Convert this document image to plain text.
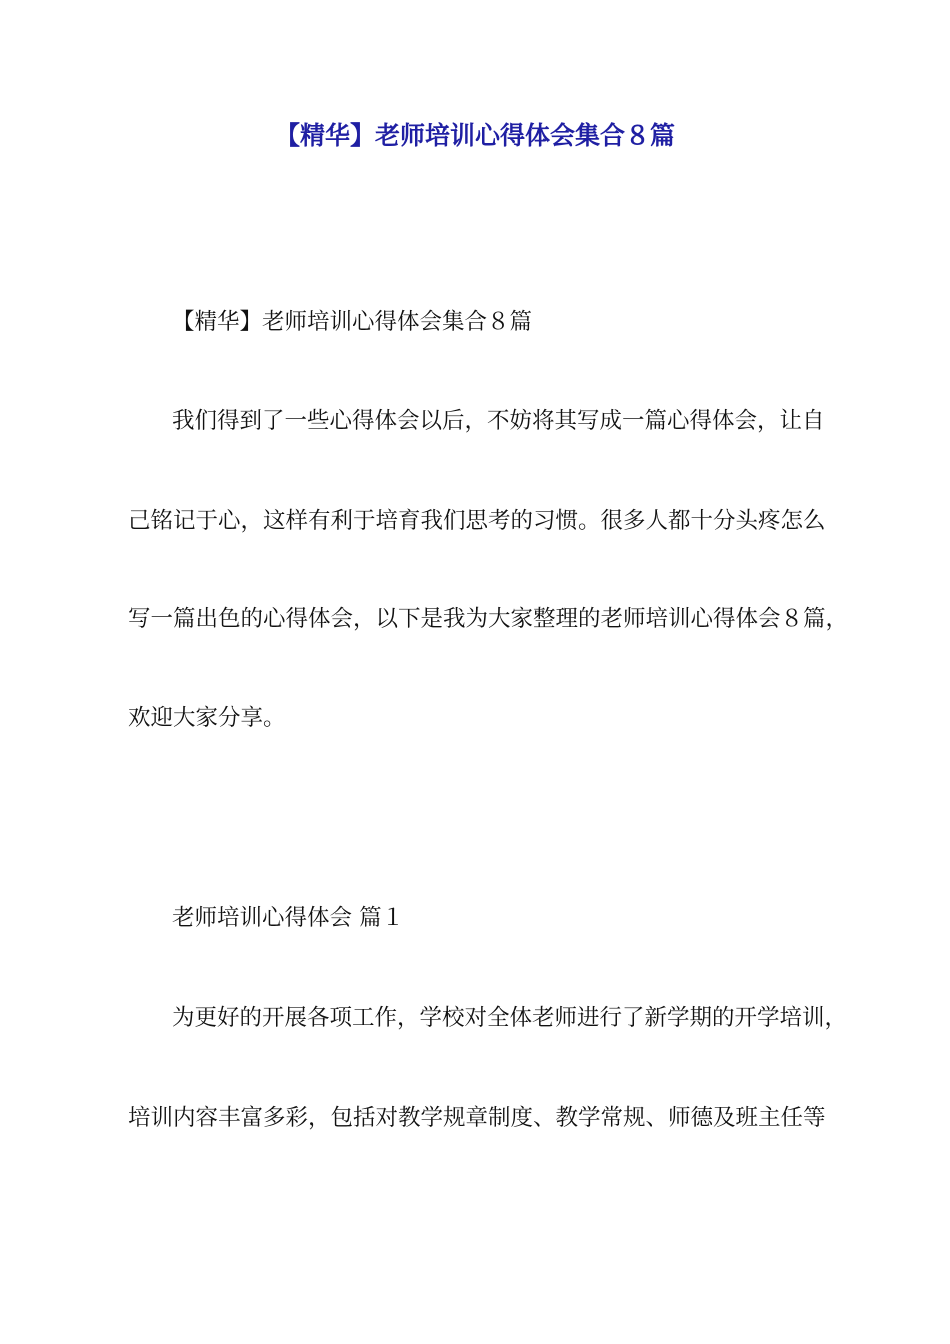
【精华】老师培训心得体会集合８篇

【精华】老师培训心得体会集合８篇

我们得到了一些心得体会以后，不妨将其写成一篇心得体会，让自

己铭记于心，这样有利于培育我们思考的习惯。很多人都十分头疼怎么

写一篇出色的心得体会，以下是我为大家整理的老师培训心得体会８篇，

欢迎大家分享。

老师培训心得体会 篇１

为更好的开展各项工作，学校对全体老师进行了新学期的开学培训，

培训内容丰富多彩，包括对教学规章制度、教学常规、师德及班主任等
